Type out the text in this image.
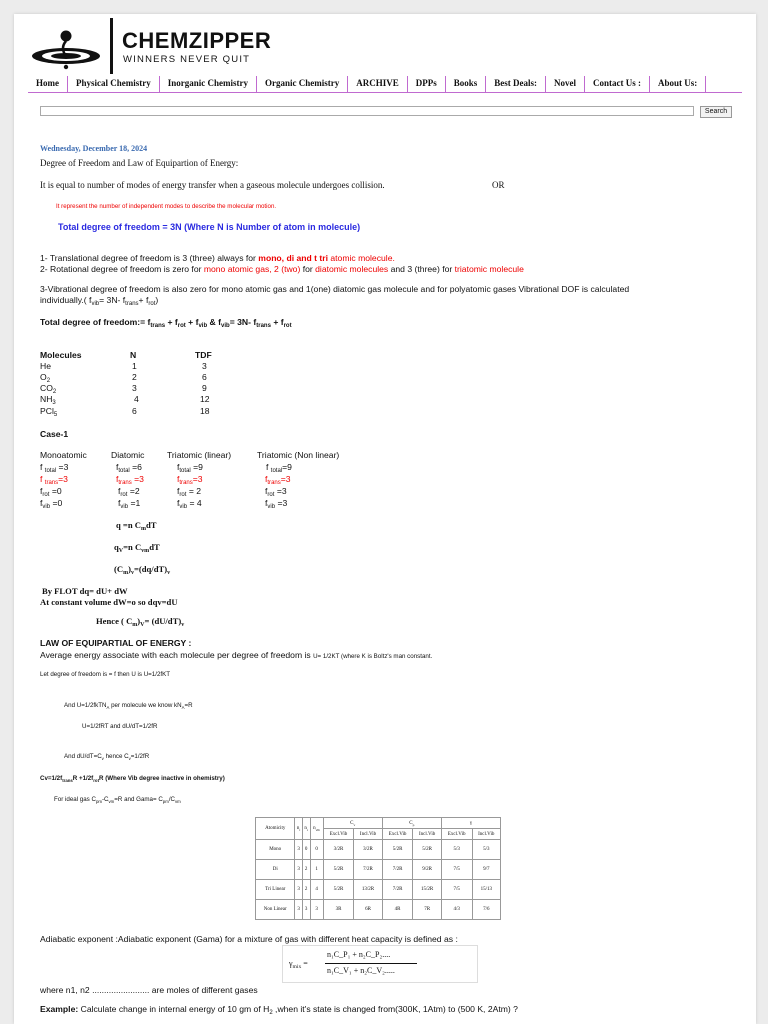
CHEMZIPPER
WINNERS NEVER QUIT
Home	Physical Chemistry	Inorganic Chemistry	Organic Chemistry	ARCHIVE	DPPs	Books	Best Deals:	Novel	Contact Us :	About Us:
Search
Wednesday, December 18, 2024
Degree of Freedom and Law of Equipartion of Energy:
It is equal to number of modes of energy transfer when a gaseous molecule undergoes collision.	OR
It represent the number of independent modes to describe the molecular motion.
Total degree of freedom = 3N (Where N is Number of atom in molecule)
1- Translational degree of freedom is 3 (three) always for mono, di and t tri atomic molecule.
2- Rotational degree of freedom is zero for mono atomic gas, 2 (two) for diatomic molecules and 3 (three) for triatomic molecule
3-Vibrational degree of freedom is also zero for mono atomic gas and 1(one) diatomic gas molecule and for polyatomic gases Vibrational DOF is calculated
individually.( $f_{vib}= 3N-$ $f_{trans}+ f_{rot}$)
Total degree of freedom:= $f_{trans} + f_{rot} + f_{vib}$ & $f_{vib}= 3N-$ $f_{trans} + f_{rot}$
Molecules	N	TDF
He	1	3
$O_2$	2	6
$CO_2$	3	9
$NH_3$	4	12
PCl$_5$	6	18
Case-1
Monoatomic	Diatomic	Triatomic (linear)	Triatomic (Non linear)
f $_{total}$ =3	$f_{total} =6$	$f_{total} =9$	f $_{total}$=9
f $_{trans}$=3	$f_{trans} =3$	$f_{trans}=3$	$f_{trans}=3$
$f_{rot} =0$	$f_{rot} =2$	$f_{rot} = 2$	$f_{rot} =3$
$f_{vib} =0$	$f_{vib} =1$	$f_{vib} = 4$	$f_{vib} =3$
q =n $C_mdT$
$q_V=n$ $C_{vm}dT$
$(C_m)_v=(dq/dT)_v$
By FLOT dq= dU+ dW
At constant volume dW=o so dqv=dU
Hence ( $C_m)_V= (dU/dT)_v$
LAW OF EQUIPARTIAL OF ENERGY :
Average energy associate with each molecule per degree of freedom is U= 1/2KT (where K is Boltz's man constant.
Let degree of freedom is = f then U is U=1/2fKT
And U=1/2fkTN$_A$ per molecule we know $kN_A=R$
U=1/2fRT and dU/dT=1/2fR
And $dU/dT=C_v$ hence $C_v=1/2fR$
$Cv=1/2f_{trans}R +1/2f_{rot}R$ (Where Vib degree inactive in ohemistry)
For ideal gas $C_{pm}-C_{vm}=R$ and Gama= $C_{pm}/C_{vm}$
Adiabatic exponent :Adiabatic exponent (Gama) for a mixture of gas with different heat capacity is defined as :
where n1, n2 ........................ are moles of different gases
Example: Calculate change in internal energy of 10 gm of $H_2$ ,when it's state is changed from(300K, 1Atm) to (500 K, 2Atm) ?
Atomicity	$n_t$	$n_r$	$n_{vib}$	$C_v$		$C_p$		γ	
				Excl.Vib	Incl.Vib	Excl.Vib	Incl.Vib	Excl.Vib	Incl.Vib
Mono	3	0	0	3/2R	3/2R	5/2R	5/2R	5/3	5/3
Di	3	2	1	5/2R	7/2R	7/2R	9/2R	7/5	9/7
Tri Linear	3	2	4	5/2R	13/2R	7/2R	15/2R	7/5	15/13
Non Linear	3	3	3	3R	6R	4R	7R	4/3	7/6
$\gamma_{mix}$ =
n₁C_P₁ + n₂C_P₂....
n₁C_V₁ + n₂C_V₂.....
